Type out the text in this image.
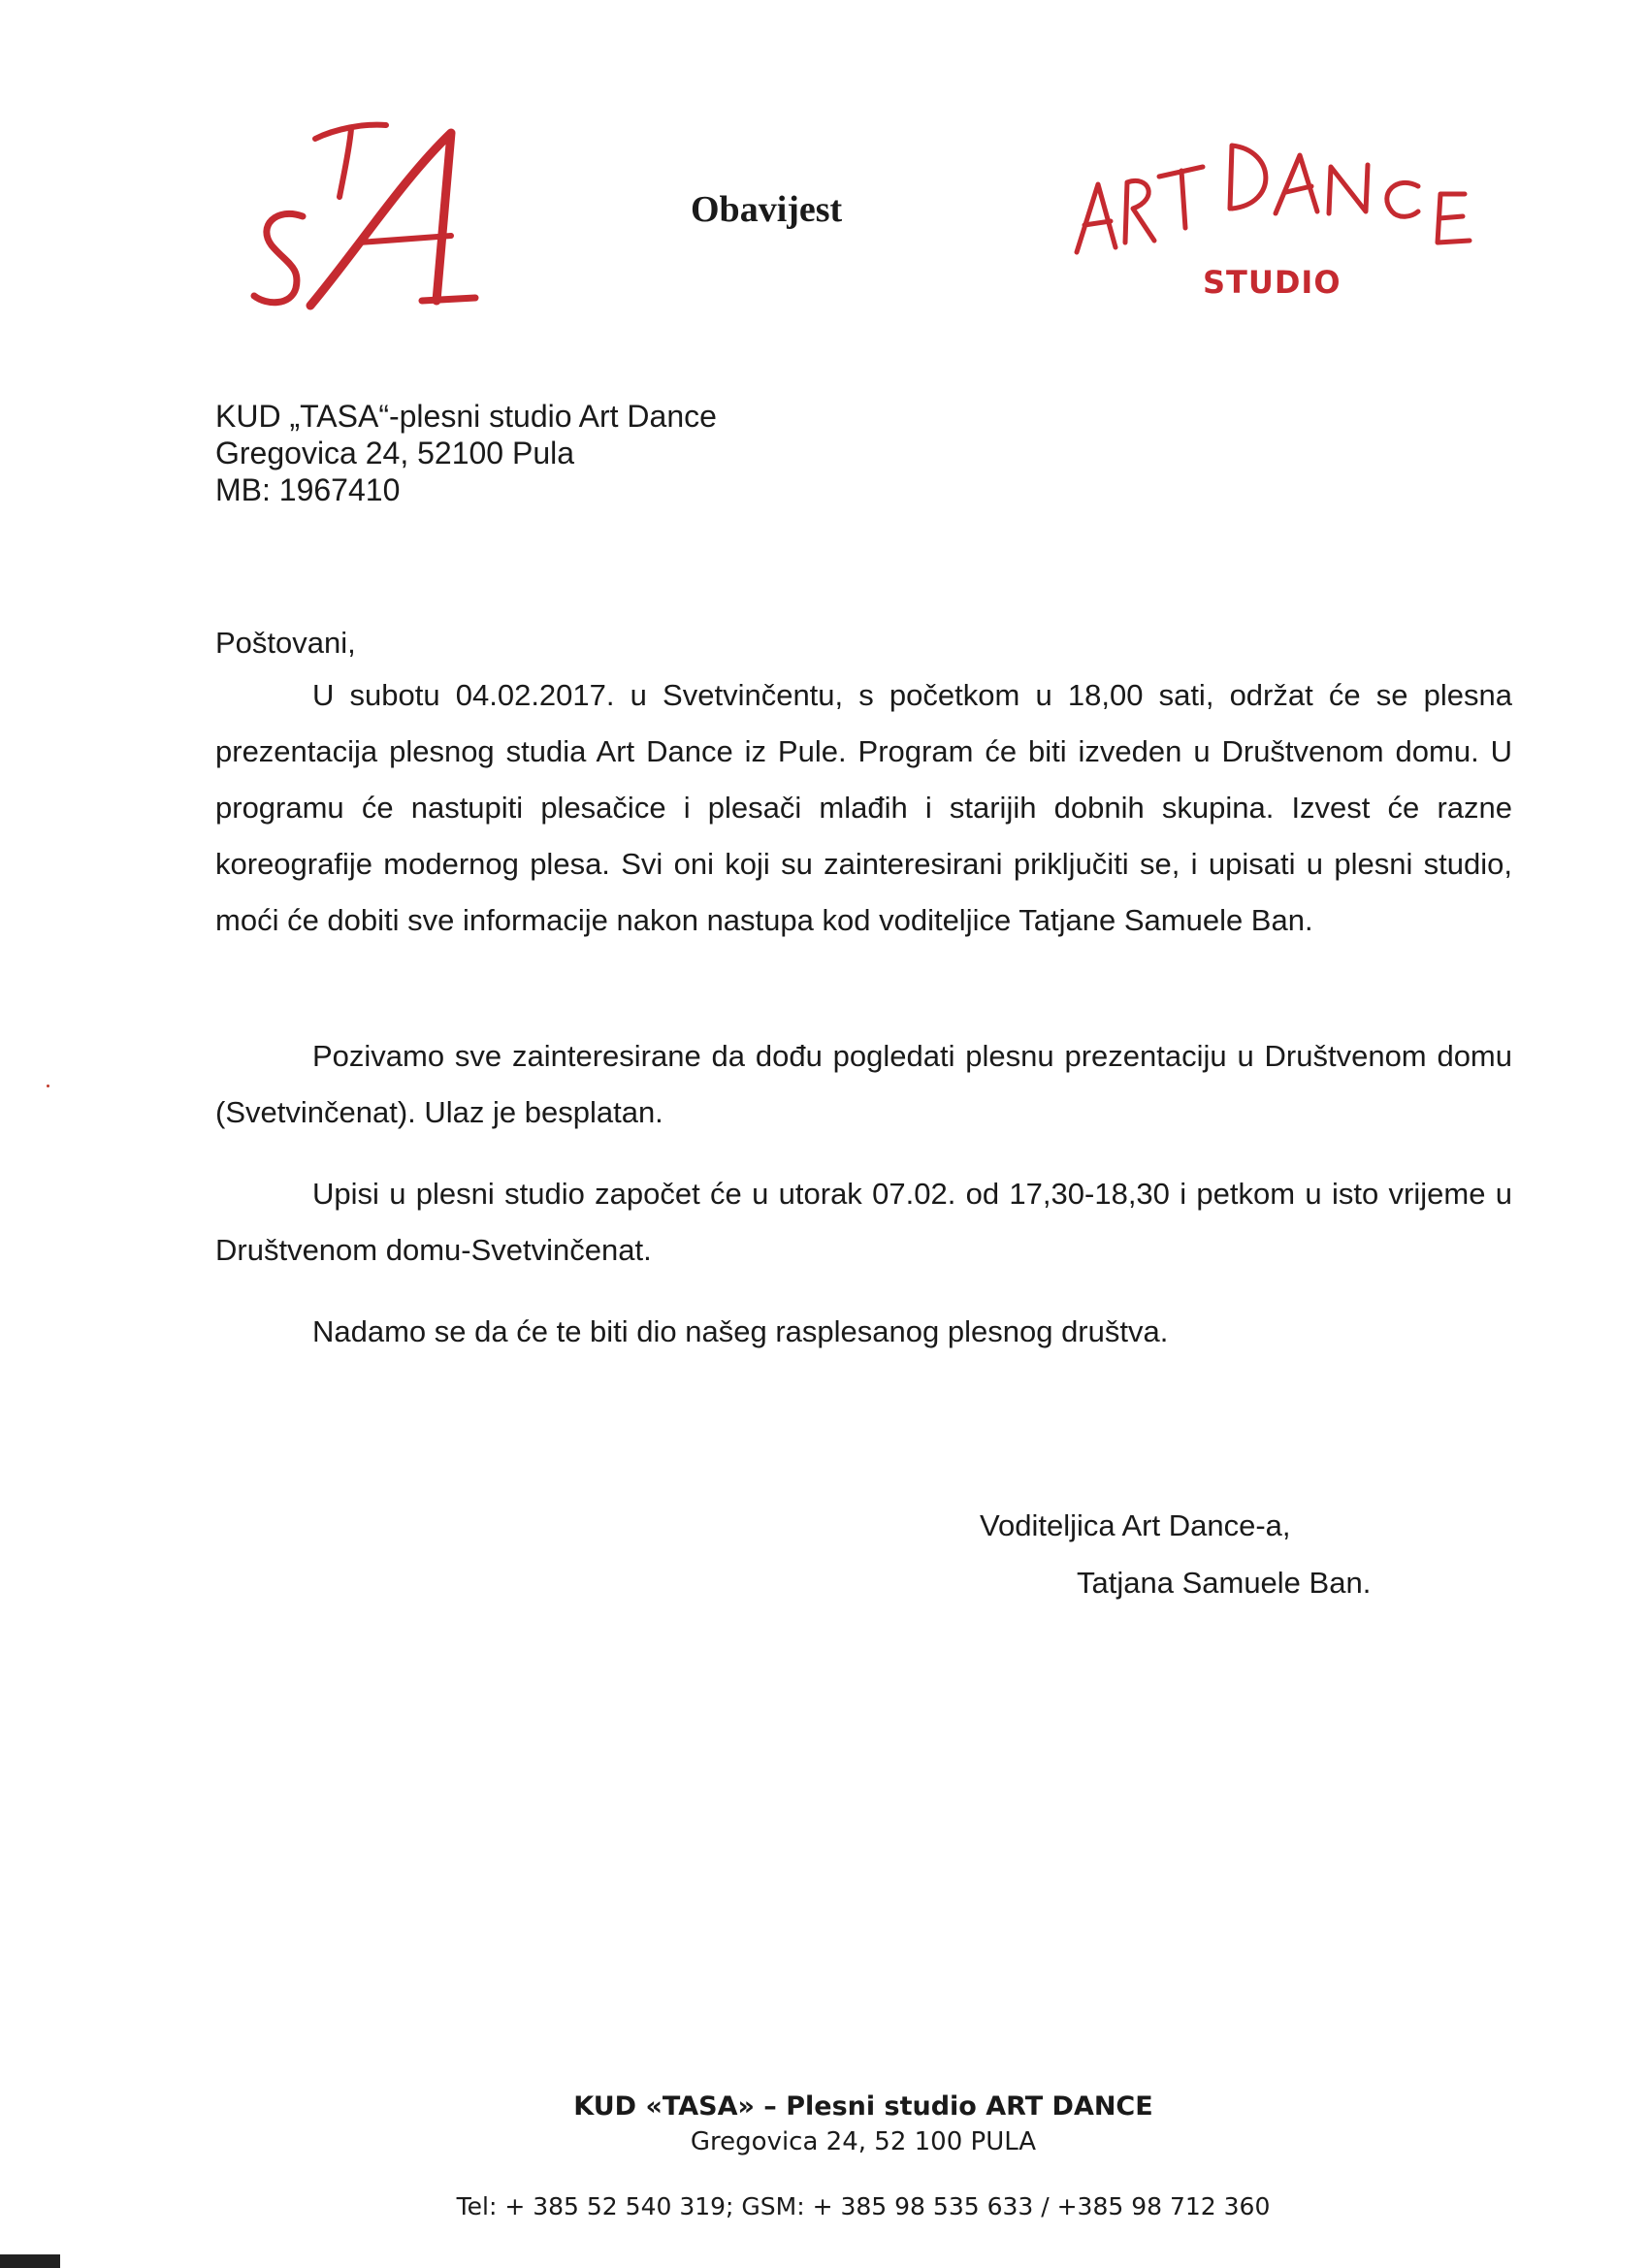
Obavijest
STUDIO
KUD „TASA“-plesni studio Art Dance
Gregovica 24, 52100 Pula
MB: 1967410
Poštovani,

U subotu 04.02.2017. u Svetvinčentu, s početkom u 18,00 sati, održat će se plesna prezentacija plesnog studia Art Dance iz Pule. Program će biti izveden u Društvenom domu. U programu će nastupiti plesačice i plesači mlađih i starijih dobnih skupina. Izvest će razne koreografije modernog plesa. Svi oni koji su zainteresirani priključiti se, i upisati u plesni studio, moći će dobiti sve informacije nakon nastupa kod voditeljice Tatjane Samuele Ban.

Pozivamo sve zainteresirane da dođu pogledati plesnu prezentaciju u Društvenom domu (Svetvinčenat). Ulaz je besplatan.

Upisi u plesni studio započet će u utorak 07.02. od 17,30-18,30 i petkom u isto vrijeme u Društvenom domu-Svetvinčenat.

Nadamo se da će te biti dio našeg rasplesanog plesnog društva.

Voditeljica Art Dance-a,
Tatjana Samuele Ban.
KUD «TASA» – Plesni studio ART DANCE
Gregovica 24, 52 100 PULA
Tel: + 385 52 540 319; GSM: + 385 98 535 633 / +385 98 712 360
